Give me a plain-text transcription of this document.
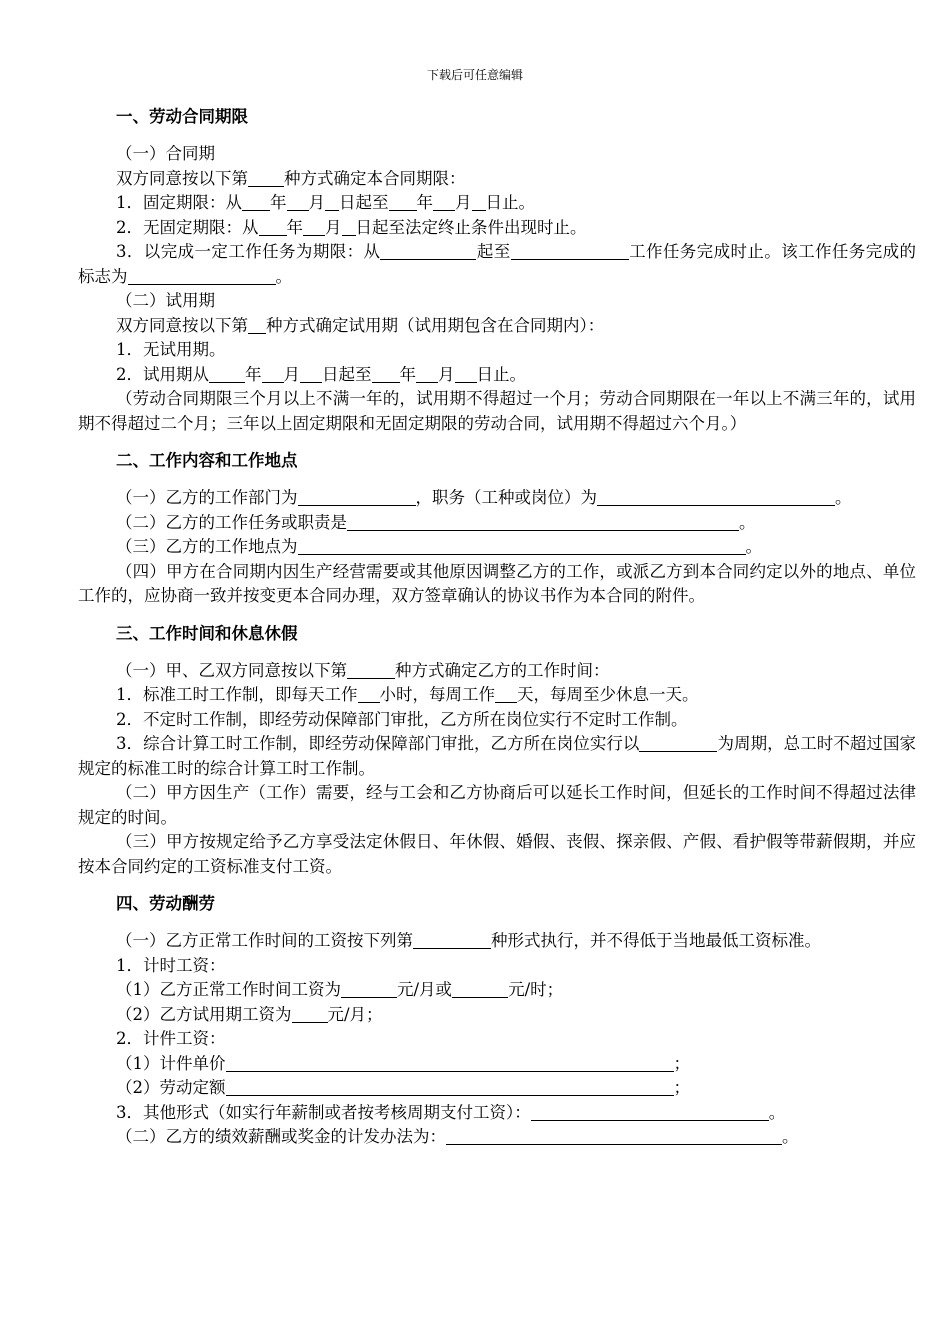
下载后可任意编辑
一、劳动合同期限

（一）合同期

双方同意按以下第 种方式确定本合同期限：

1．固定期限：从 年 月 日起至 年 月 日止。

2．无固定期限：从 年 月 日起至法定终止条件出现时止。

3．以完成一定工作任务为期限：从	起至	工作任务完成时止。该工作任务完成的标志为	。

（二）试用期

双方同意按以下第 种方式确定试用期（试用期包含在合同期内）：

1．无试用期。

2．试用期从 年 月 日起至 年 月 日止。

（劳动合同期限三个月以上不满一年的，试用期不得超过一个月；劳动合同期限在一年以上不满三年的，试用期不得超过二个月；三年以上固定期限和无固定期限的劳动合同，试用期不得超过六个月。）

二、工作内容和工作地点

（一）乙方的工作部门为	，职务（工种或岗位）为	。

（二）乙方的工作任务或职责是	。

（三）乙方的工作地点为	。

（四）甲方在合同期内因生产经营需要或其他原因调整乙方的工作，或派乙方到本合同约定以外的地点、单位工作的，应协商一致并按变更本合同办理，双方签章确认的协议书作为本合同的附件。

三、工作时间和休息休假

（一）甲、乙双方同意按以下第	种方式确定乙方的工作时间：

1．标准工时工作制，即每天工作 小时，每周工作 天，每周至少休息一天。

2．不定时工作制，即经劳动保障部门审批，乙方所在岗位实行不定时工作制。

3．综合计算工时工作制，即经劳动保障部门审批，乙方所在岗位实行以	为周期，总工时不超过国家规定的标准工时的综合计算工时工作制。

（二）甲方因生产（工作）需要，经与工会和乙方协商后可以延长工作时间，但延长的工作时间不得超过法律规定的时间。

（三）甲方按规定给予乙方享受法定休假日、年休假、婚假、丧假、探亲假、产假、看护假等带薪假期，并应按本合同约定的工资标准支付工资。

四、劳动酬劳

（一）乙方正常工作时间的工资按下列第	种形式执行，并不得低于当地最低工资标准。

1．计时工资：

（1）乙方正常工作时间工资为	元/月或	元/时；

（2）乙方试用期工资为 元/月；

2．计件工资：

（1）计件单价	；

（2）劳动定额	；

3．其他形式（如实行年薪制或者按考核周期支付工资）：	。

（二）乙方的绩效薪酬或奖金的计发办法为：	。
